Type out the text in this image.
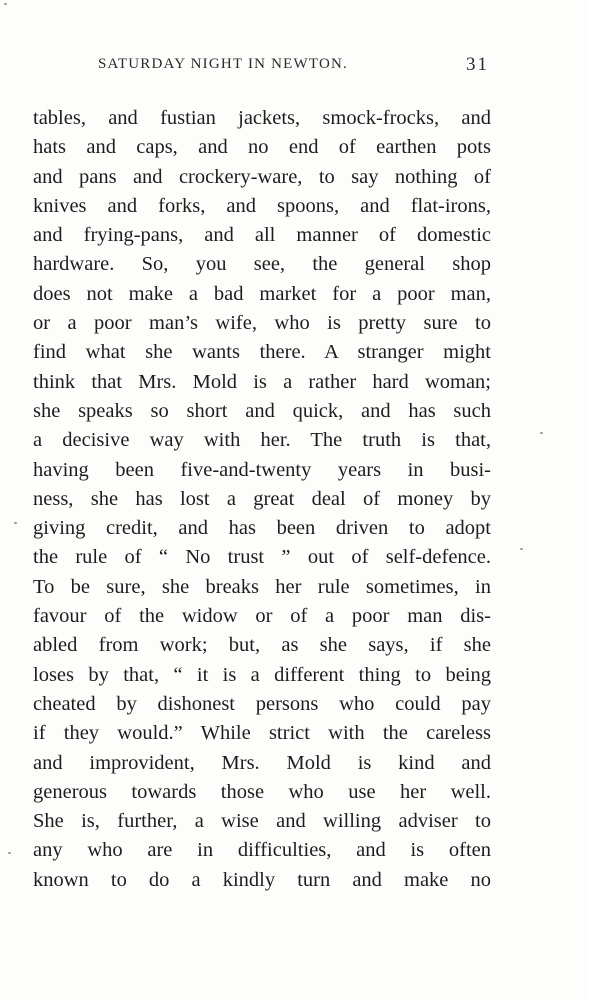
SATURDAY NIGHT IN NEWTON.	31
tables, and fustian jackets, smock-frocks, and
hats and caps, and no end of earthen pots
and pans and crockery-ware, to say nothing of
knives and forks, and spoons, and flat-irons,
and frying-pans, and all manner of domestic
hardware. So, you see, the general shop
does not make a bad market for a poor man,
or a poor man’s wife, who is pretty sure to
find what she wants there. A stranger might
think that Mrs. Mold is a rather hard woman;
she speaks so short and quick, and has such
a decisive way with her. The truth is that,
having been five-and-twenty years in busi-
ness, she has lost a great deal of money by
giving credit, and has been driven to adopt
the rule of “ No trust ” out of self-defence.
To be sure, she breaks her rule sometimes, in
favour of the widow or of a poor man dis-
abled from work; but, as she says, if she
loses by that, “ it is a different thing to being
cheated by dishonest persons who could pay
if they would.” While strict with the careless
and improvident, Mrs. Mold is kind and
generous towards those who use her well.
She is, further, a wise and willing adviser to
any who are in difficulties, and is often
known to do a kindly turn and make no
